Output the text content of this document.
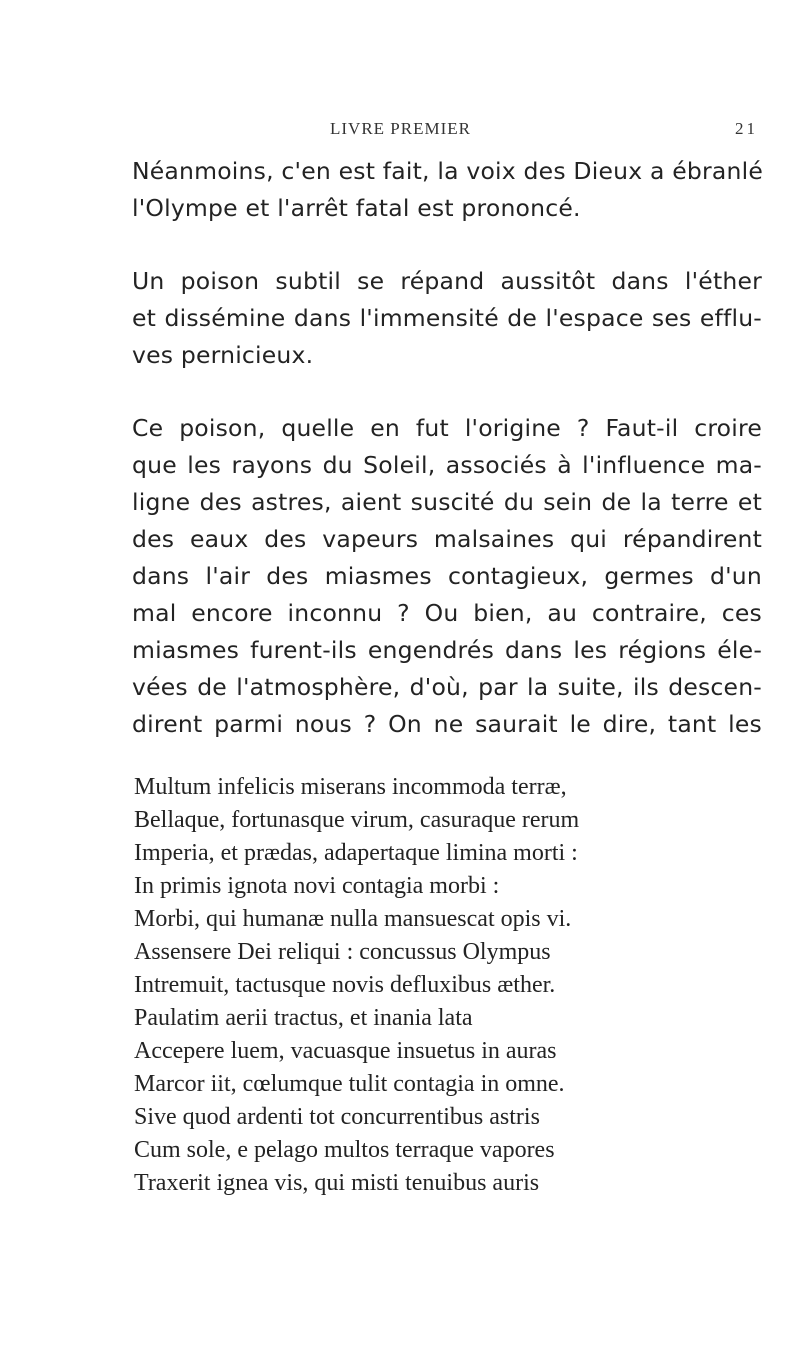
LIVRE PREMIER	21

Néanmoins, c'en est fait, la voix des Dieux a ébranlé
l'Olympe et l'arrêt fatal est prononcé.

Un poison subtil se répand aussitôt dans l'éther
et dissémine dans l'immensité de l'espace ses efflu-
ves pernicieux.

Ce poison, quelle en fut l'origine ? Faut-il croire
que les rayons du Soleil, associés à l'influence ma-
ligne des astres, aient suscité du sein de la terre et
des eaux des vapeurs malsaines qui répandirent
dans l'air des miasmes contagieux, germes d'un
mal encore inconnu ? Ou bien, au contraire, ces
miasmes furent-ils engendrés dans les régions éle-
vées de l'atmosphère, d'où, par la suite, ils descen-
dirent parmi nous ? On ne saurait le dire, tant les

Multum infelicis miserans incommoda terræ,
Bellaque, fortunasque virum, casuraque rerum
Imperia, et prædas, adapertaque limina morti :
In primis ignota novi contagia morbi :
Morbi, qui humanæ nulla mansuescat opis vi.
Assensere Dei reliqui : concussus Olympus
Intremuit, tactusque novis defluxibus æther.
Paulatim aerii tractus, et inania lata
Accepere luem, vacuasque insuetus in auras
Marcor iit, cœlumque tulit contagia in omne.
Sive quod ardenti tot concurrentibus astris
Cum sole, e pelago multos terraque vapores
Traxerit ignea vis, qui misti tenuibus auris
